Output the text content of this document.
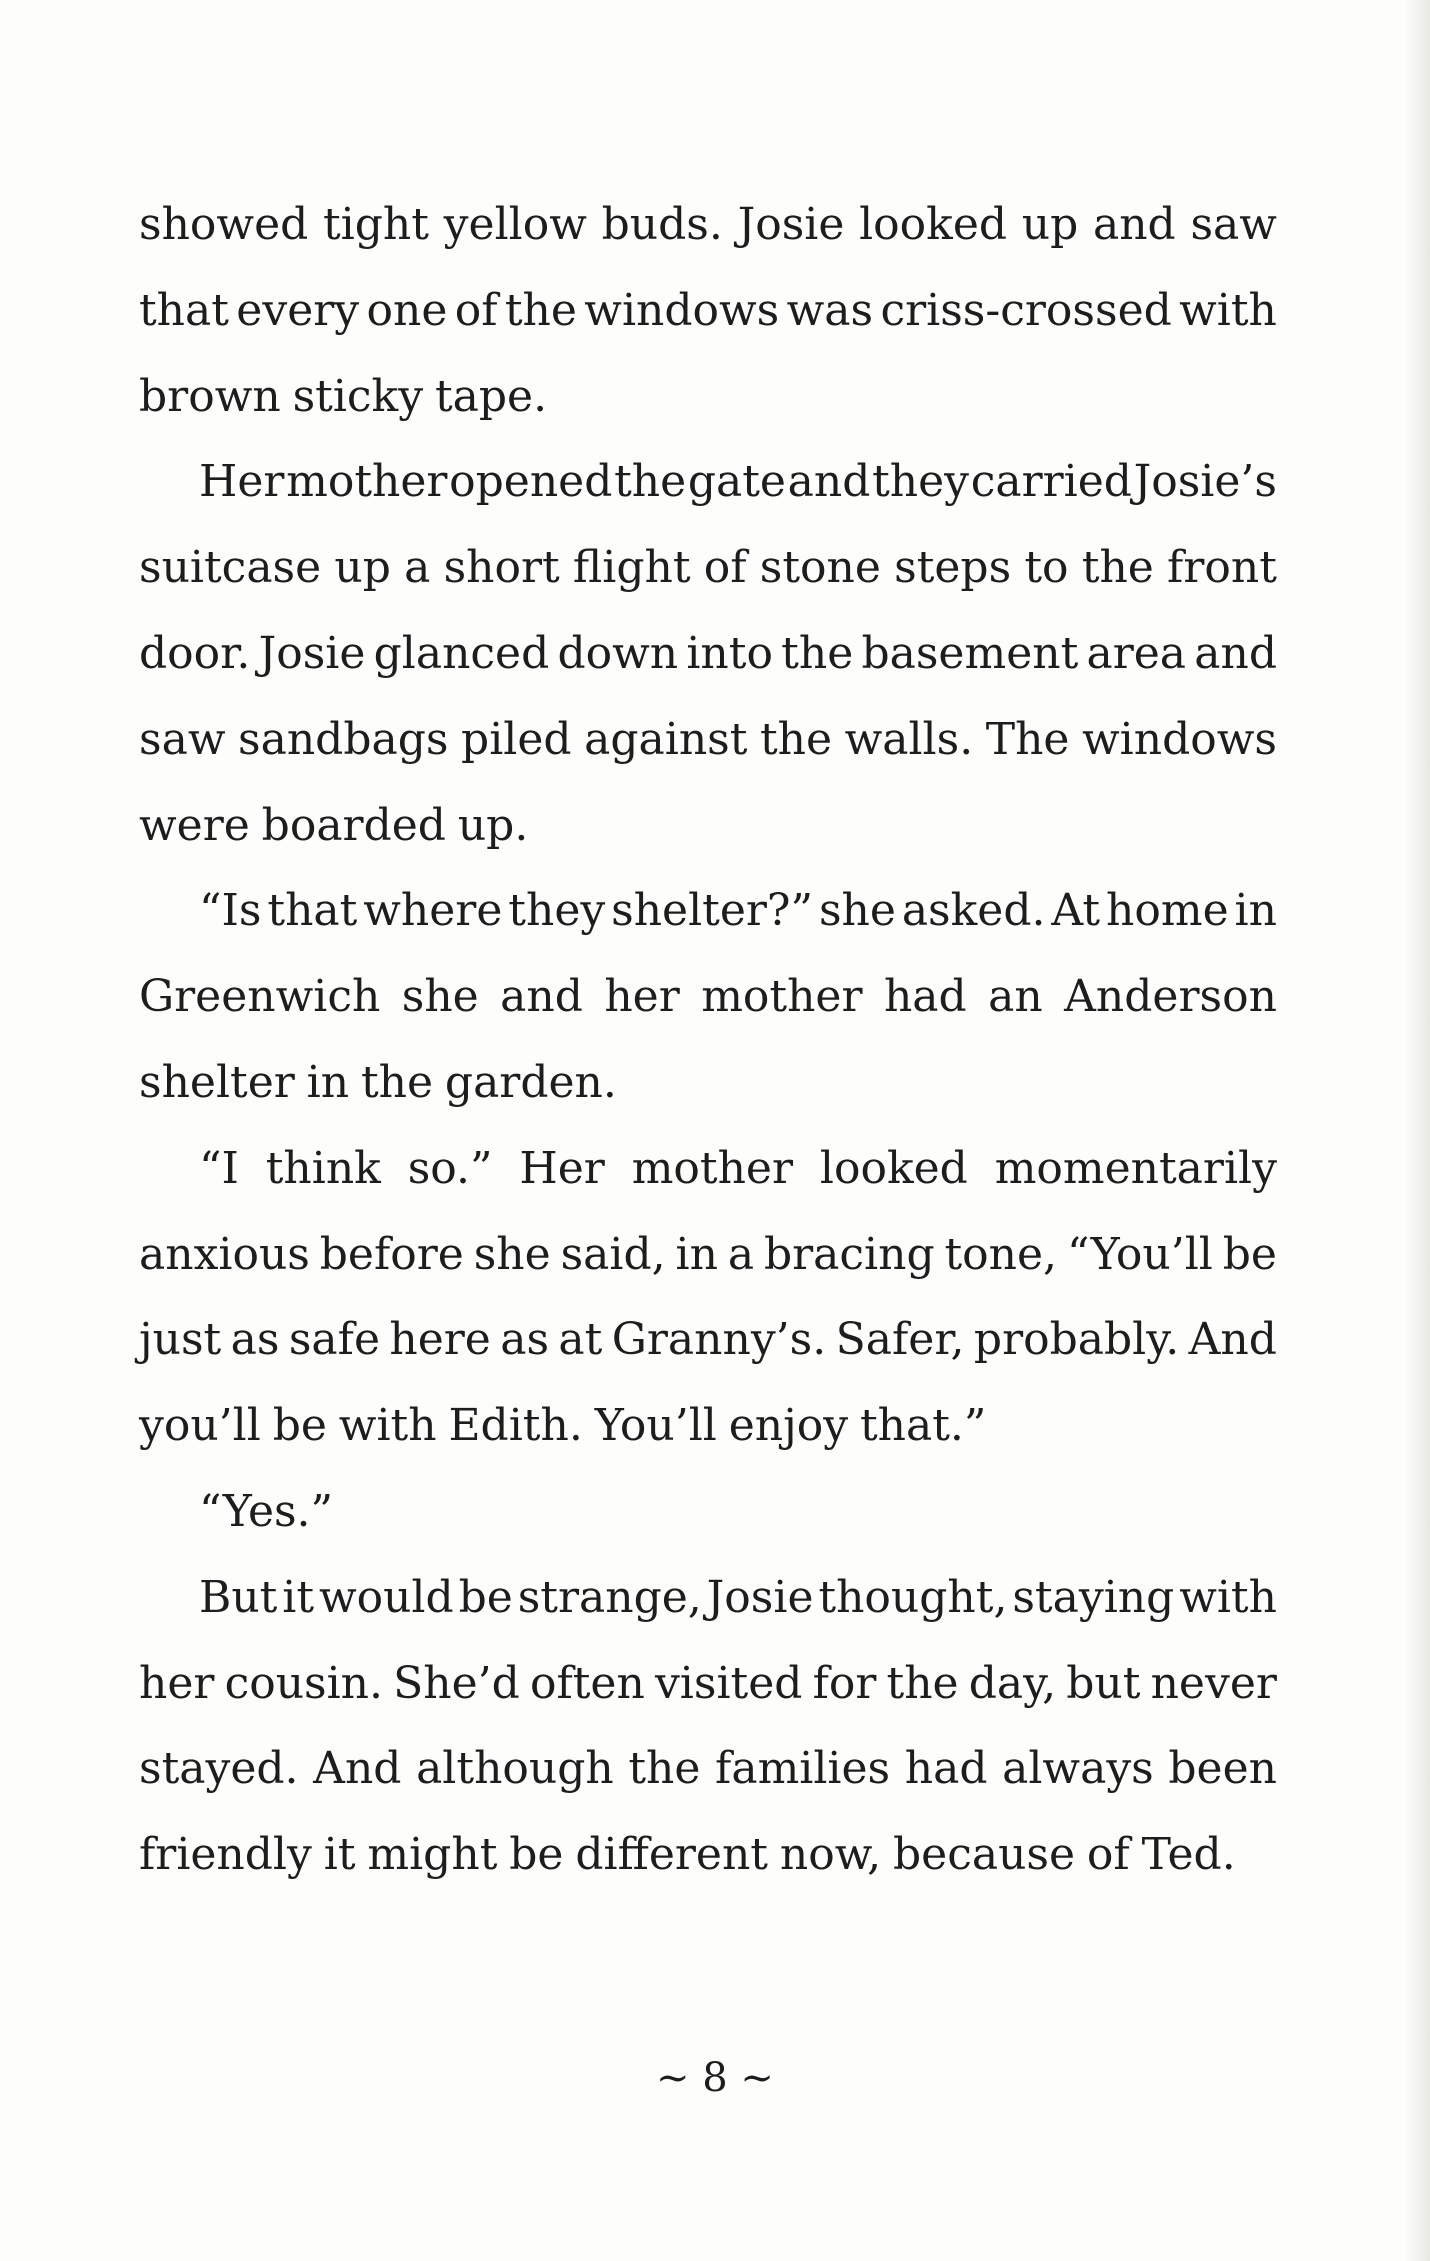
showed tight yellow buds. Josie looked up and saw
that every one of the windows was criss-crossed with
brown sticky tape.
Her mother opened the gate and they carried Josie’s
suitcase up a short flight of stone steps to the front
door. Josie glanced down into the basement area and
saw sandbags piled against the walls. The windows
were boarded up.
“Is that where they shelter?” she asked. At home in
Greenwich she and her mother had an Anderson
shelter in the garden.
“I think so.” Her mother looked momentarily
anxious before she said, in a bracing tone, “You’ll be
just as safe here as at Granny’s. Safer, probably. And
you’ll be with Edith. You’ll enjoy that.”
“Yes.”
But it would be strange, Josie thought, staying with
her cousin. She’d often visited for the day, but never
stayed. And although the families had always been
friendly it might be different now, because of Ted.
~ 8 ~
